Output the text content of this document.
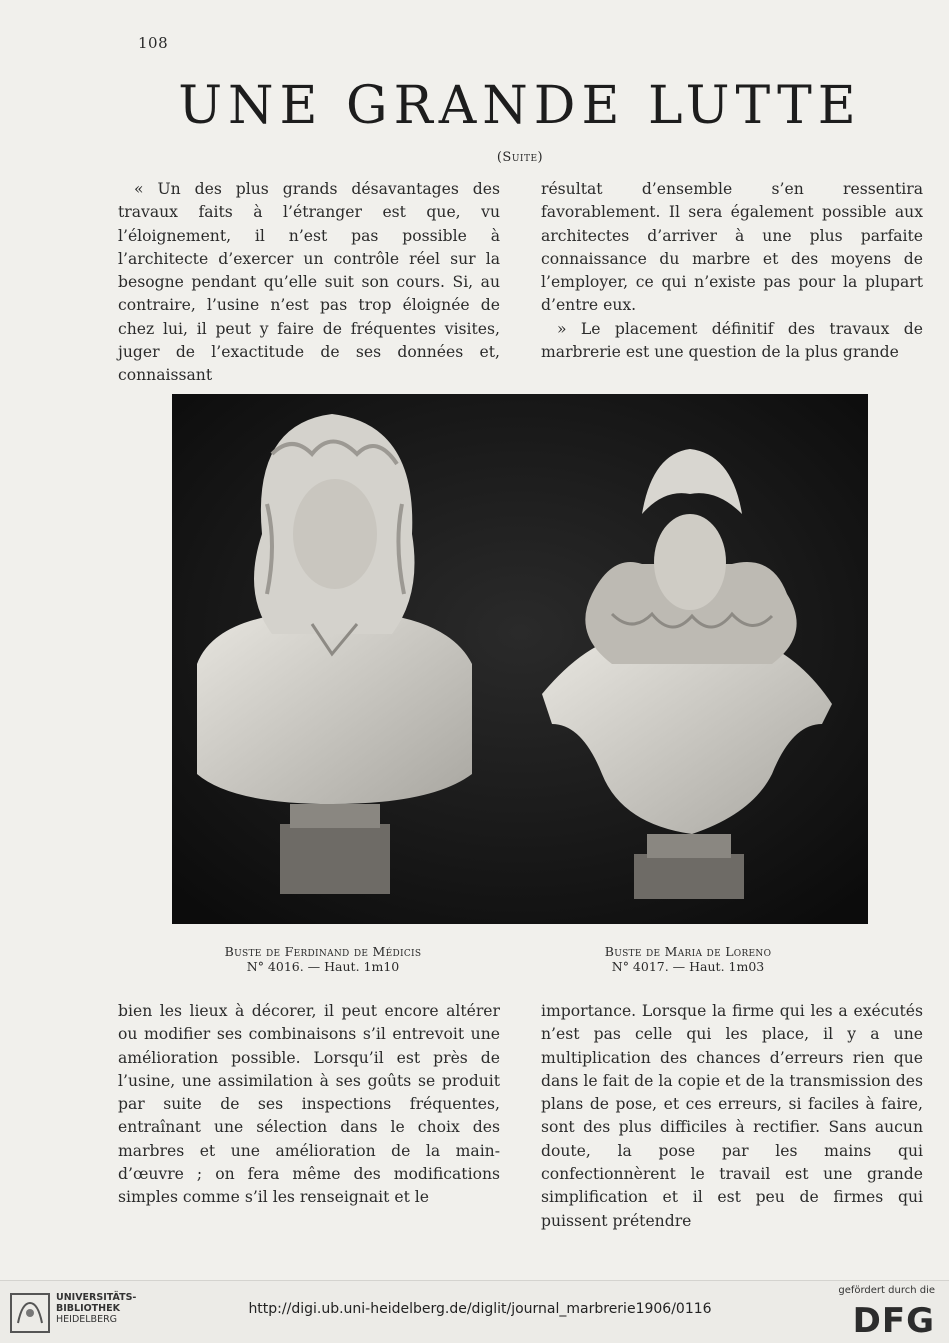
108
UNE GRANDE LUTTE
(Suite)

« Un des plus grands désavantages des travaux faits à l’étranger est que, vu l’éloignement, il n’est pas possible à l’architecte d’exercer un contrôle réel sur la besogne pendant qu’elle suit son cours. Si, au contraire, l’usine n’est pas trop éloignée de chez lui, il peut y faire de fréquentes visites, juger de l’exactitude de ses données et, connaissant

résultat d’ensemble s’en ressentira favorablement. Il sera également possible aux architectes d’arriver à une plus parfaite connaissance du marbre et des moyens de l’employer, ce qui n’existe pas pour la plupart d’entre eux.

» Le placement définitif des travaux de marbrerie est une question de la plus grande

Buste de Ferdinand de Médicis
N° 4016. — Haut. 1m10
Buste de Maria de Loreno
N° 4017. — Haut. 1m03

bien les lieux à décorer, il peut encore altérer ou modifier ses combinaisons s’il entrevoit une amélioration possible. Lorsqu’il est près de l’usine, une assimilation à ses goûts se produit par suite de ses inspections fréquentes, entraînant une sélection dans le choix des marbres et une amélioration de la main-d’œuvre ; on fera même des modifications simples comme s’il les renseignait et le

importance. Lorsque la firme qui les a exécutés n’est pas celle qui les place, il y a une multiplication des chances d’erreurs rien que dans le fait de la copie et de la transmission des plans de pose, et ces erreurs, si faciles à faire, sont des plus difficiles à rectifier. Sans aucun doute, la pose par les mains qui confectionnèrent le travail est une grande simplification et il est peu de firmes qui puissent prétendre

UNIVERSITÄTS-
BIBLIOTHEK
HEIDELBERG
http://digi.ub.uni-heidelberg.de/diglit/journal_marbrerie1906/0116
gefördert durch die
DFG
